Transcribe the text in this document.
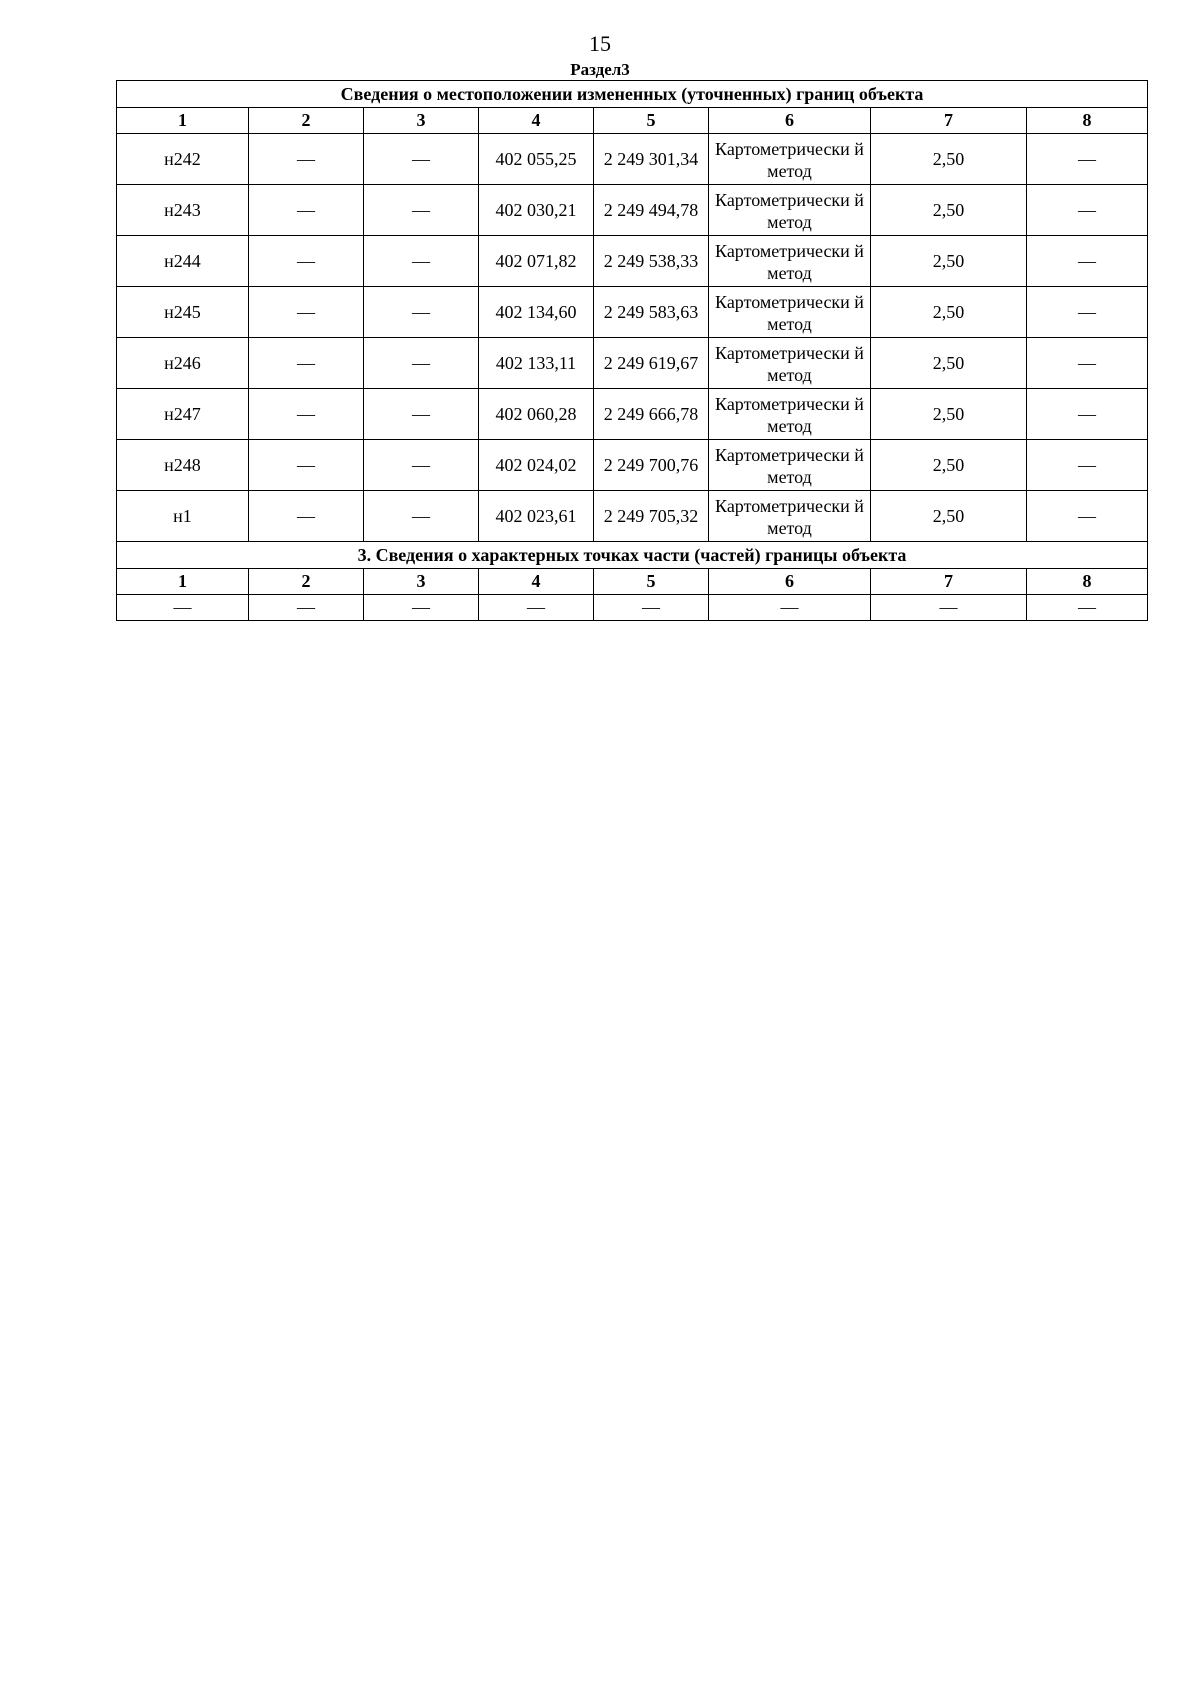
15
Раздел3
Сведения о местоположении измененных (уточненных) границ объекта							
1	2	3	4	5	6	7	8
н242	—	—	402 055,25	2 249 301,34	Картометрически й метод	2,50	—
н243	—	—	402 030,21	2 249 494,78	Картометрически й метод	2,50	—
н244	—	—	402 071,82	2 249 538,33	Картометрически й метод	2,50	—
н245	—	—	402 134,60	2 249 583,63	Картометрически й метод	2,50	—
н246	—	—	402 133,11	2 249 619,67	Картометрически й метод	2,50	—
н247	—	—	402 060,28	2 249 666,78	Картометрически й метод	2,50	—
н248	—	—	402 024,02	2 249 700,76	Картометрически й метод	2,50	—
н1	—	—	402 023,61	2 249 705,32	Картометрически й метод	2,50	—
3. Сведения о характерных точках части (частей) границы объекта							
1	2	3	4	5	6	7	8
—	—	—	—	—	—	—	—
